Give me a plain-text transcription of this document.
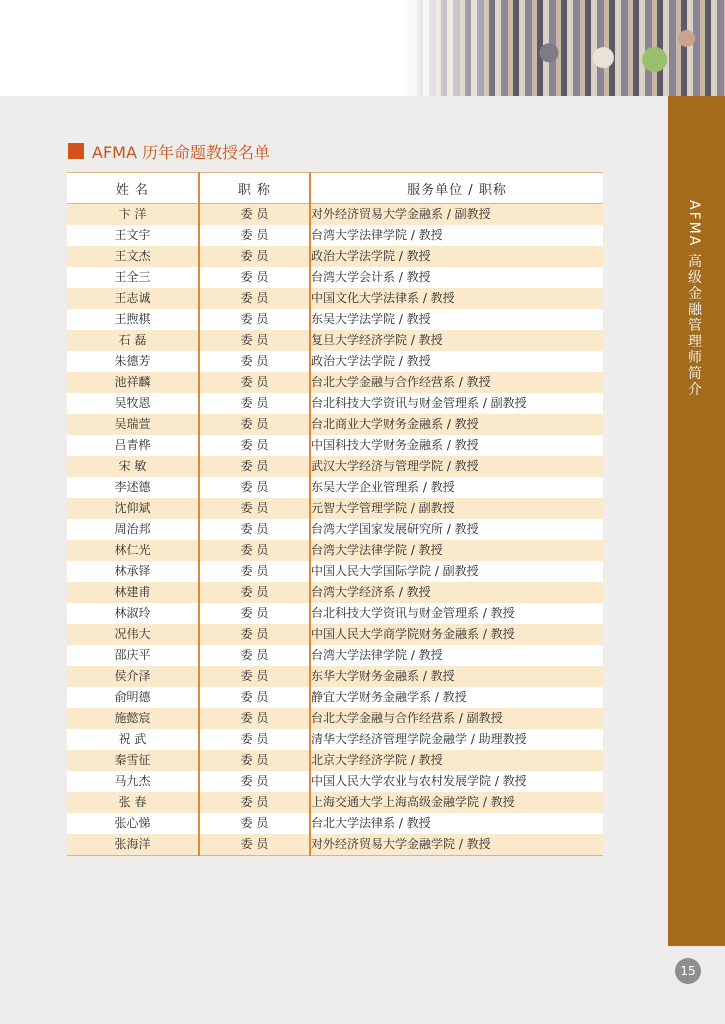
AFMA 高级金融管理师简介
15
AFMA 历年命题教授名单
姓 名	职 称	服务单位 / 职称
卞 洋	委 员	对外经济贸易大学金融系 / 副教授
王文宇	委 员	台湾大学法律学院 / 教授
王文杰	委 员	政治大学法学院 / 教授
王全三	委 员	台湾大学会计系 / 教授
王志诚	委 员	中国文化大学法律系 / 教授
王煦棋	委 员	东吴大学法学院 / 教授
石 磊	委 员	复旦大学经济学院 / 教授
朱德芳	委 员	政治大学法学院 / 教授
池祥麟	委 员	台北大学金融与合作经营系 / 教授
吴牧恩	委 员	台北科技大学资讯与财金管理系 / 副教授
吴瑞萱	委 员	台北商业大学财务金融系 / 教授
吕青桦	委 员	中国科技大学财务金融系 / 教授
宋 敏	委 员	武汉大学经济与管理学院 / 教授
李述德	委 员	东吴大学企业管理系 / 教授
沈仰斌	委 员	元智大学管理学院 / 副教授
周治邦	委 员	台湾大学国家发展研究所 / 教授
林仁光	委 员	台湾大学法律学院 / 教授
林承铎	委 员	中国人民大学国际学院 / 副教授
林建甫	委 员	台湾大学经济系 / 教授
林淑玲	委 员	台北科技大学资讯与财金管理系 / 教授
况伟大	委 员	中国人民大学商学院财务金融系 / 教授
邵庆平	委 员	台湾大学法律学院 / 教授
侯介泽	委 员	东华大学财务金融系 / 教授
俞明德	委 员	静宜大学财务金融学系 / 教授
施懿宸	委 员	台北大学金融与合作经营系 / 副教授
祝 武	委 员	清华大学经济管理学院金融学 / 助理教授
秦雪征	委 员	北京大学经济学院 / 教授
马九杰	委 员	中国人民大学农业与农村发展学院 / 教授
张 春	委 员	上海交通大学上海高级金融学院 / 教授
张心悌	委 员	台北大学法律系 / 教授
张海洋	委 员	对外经济贸易大学金融学院 / 教授
